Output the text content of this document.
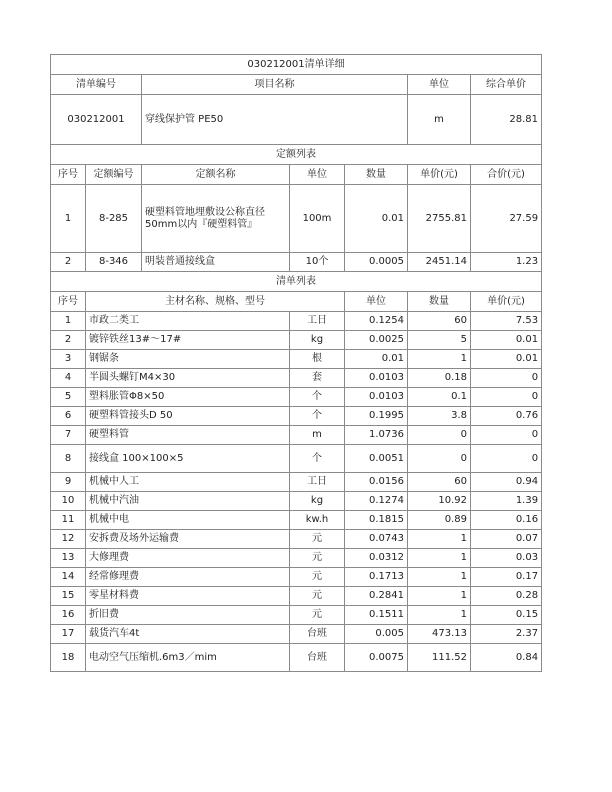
030212001清单详细			
清单编号	项目名称	单位	综合单价
030212001	穿线保护管 PE50	m	28.81
定额列表							
序号	定额编号	定额名称	单位	数量	单价(元)	合价(元)	
1	8-285	硬塑料管地埋敷设公称直径50mm以内『硬塑料管』	100m	0.01	2755.81	27.59	
2	8-346	明装普通接线盒	10个	0.0005	2451.14	1.23	
清单列表							
序号	主材名称、规格、型号			单位	数量	单价(元)	
1	市政二类工		工日	0.1254	60	7.53	
2	镀锌铁丝13#～17#		kg	0.0025	5	0.01	
3	钢锯条		根	0.01	1	0.01	
4	半圆头螺钉M4×30		套	0.0103	0.18	0	
5	塑料胀管Φ8×50		个	0.0103	0.1	0	
6	硬塑料管接头D 50		个	0.1995	3.8	0.76	
7	硬塑料管		m	1.0736	0	0	
8	接线盒 100×100×5		个	0.0051	0	0	
9	机械中人工		工日	0.0156	60	0.94	
10	机械中汽油		kg	0.1274	10.92	1.39	
11	机械中电		kw.h	0.1815	0.89	0.16	
12	安拆费及场外运输费		元	0.0743	1	0.07	
13	大修理费		元	0.0312	1	0.03	
14	经常修理费		元	0.1713	1	0.17	
15	零星材料费		元	0.2841	1	0.28	
16	折旧费		元	0.1511	1	0.15	
17	载货汽车4t		台班	0.005	473.13	2.37	
18	电动空气压缩机.6m3／mim		台班	0.0075	111.52	0.84	
